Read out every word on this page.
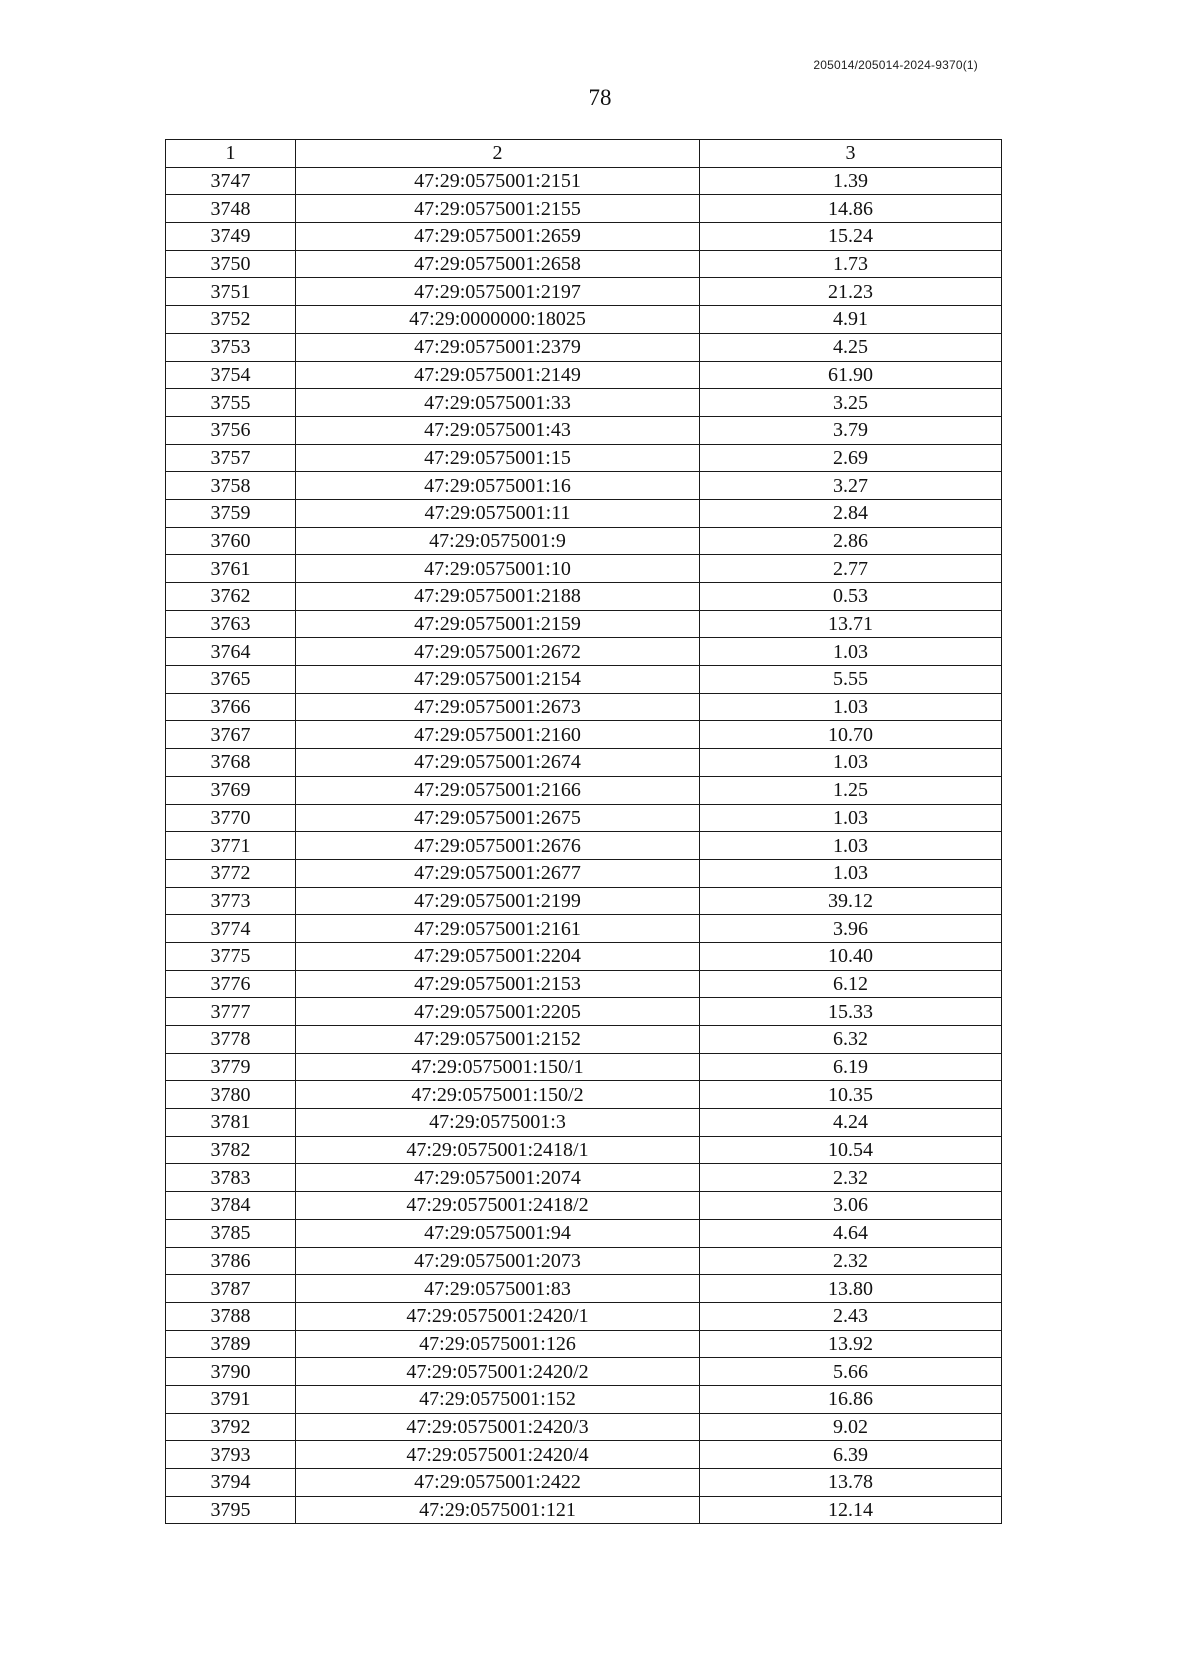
205014/205014-2024-9370(1)
78
1	2	3
3747	47:29:0575001:2151	1.39
3748	47:29:0575001:2155	14.86
3749	47:29:0575001:2659	15.24
3750	47:29:0575001:2658	1.73
3751	47:29:0575001:2197	21.23
3752	47:29:0000000:18025	4.91
3753	47:29:0575001:2379	4.25
3754	47:29:0575001:2149	61.90
3755	47:29:0575001:33	3.25
3756	47:29:0575001:43	3.79
3757	47:29:0575001:15	2.69
3758	47:29:0575001:16	3.27
3759	47:29:0575001:11	2.84
3760	47:29:0575001:9	2.86
3761	47:29:0575001:10	2.77
3762	47:29:0575001:2188	0.53
3763	47:29:0575001:2159	13.71
3764	47:29:0575001:2672	1.03
3765	47:29:0575001:2154	5.55
3766	47:29:0575001:2673	1.03
3767	47:29:0575001:2160	10.70
3768	47:29:0575001:2674	1.03
3769	47:29:0575001:2166	1.25
3770	47:29:0575001:2675	1.03
3771	47:29:0575001:2676	1.03
3772	47:29:0575001:2677	1.03
3773	47:29:0575001:2199	39.12
3774	47:29:0575001:2161	3.96
3775	47:29:0575001:2204	10.40
3776	47:29:0575001:2153	6.12
3777	47:29:0575001:2205	15.33
3778	47:29:0575001:2152	6.32
3779	47:29:0575001:150/1	6.19
3780	47:29:0575001:150/2	10.35
3781	47:29:0575001:3	4.24
3782	47:29:0575001:2418/1	10.54
3783	47:29:0575001:2074	2.32
3784	47:29:0575001:2418/2	3.06
3785	47:29:0575001:94	4.64
3786	47:29:0575001:2073	2.32
3787	47:29:0575001:83	13.80
3788	47:29:0575001:2420/1	2.43
3789	47:29:0575001:126	13.92
3790	47:29:0575001:2420/2	5.66
3791	47:29:0575001:152	16.86
3792	47:29:0575001:2420/3	9.02
3793	47:29:0575001:2420/4	6.39
3794	47:29:0575001:2422	13.78
3795	47:29:0575001:121	12.14
